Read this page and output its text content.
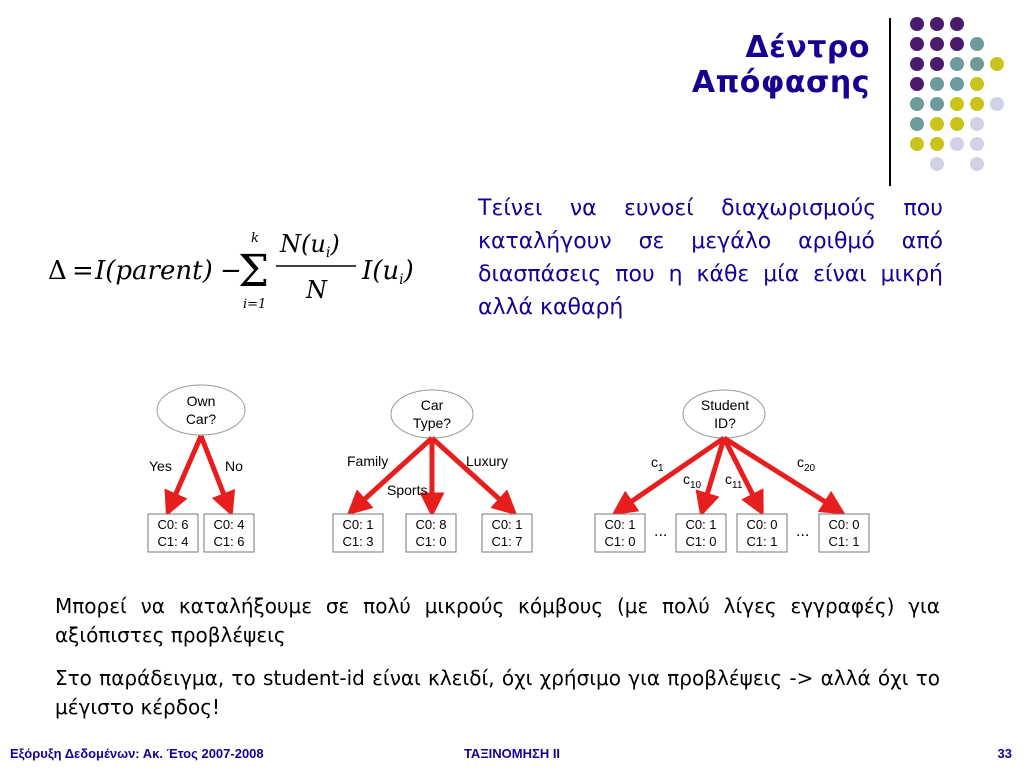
Δέντρο Απόφασης
Δ = I(parent) −
k
Σ
i=1
$N(u_i)$
N
I(ui)
Τείνει να ευνοεί διαχωρισμούς που καταλήγουν σε μεγάλο αριθμό από διασπάσεις που η κάθε μία είναι μικρή αλλά καθαρή
Own
Car?
Yes	No
C0: 6
C1: 4
C0: 4
C1: 6
Car
Type?
Family
Sports
Luxury
C0: 1
C1: 3
C0: 8
C1: 0
C0: 1
C1: 7
Student
ID?
$c_1$
$c_{10}$ $c_{11}$
$c_{20}$
C0: 1
C1: 0
... C0: 1
C1: 0
C0: 0
C1: 1
... C0: 0
C1: 1
Μπορεί να καταλήξουμε σε πολύ μικρούς κόμβους (με πολύ λίγες εγγραφές) για αξιόπιστες προβλέψεις
Στο παράδειγμα, το student-id είναι κλειδί, όχι χρήσιμο για προβλέψεις -> αλλά όχι το μέγιστο κέρδος!
Εξόρυξη Δεδομένων: Ακ. Έτος 2007-2008	ΤΑΞΙΝΟΜΗΣΗ ΙΙ	33
